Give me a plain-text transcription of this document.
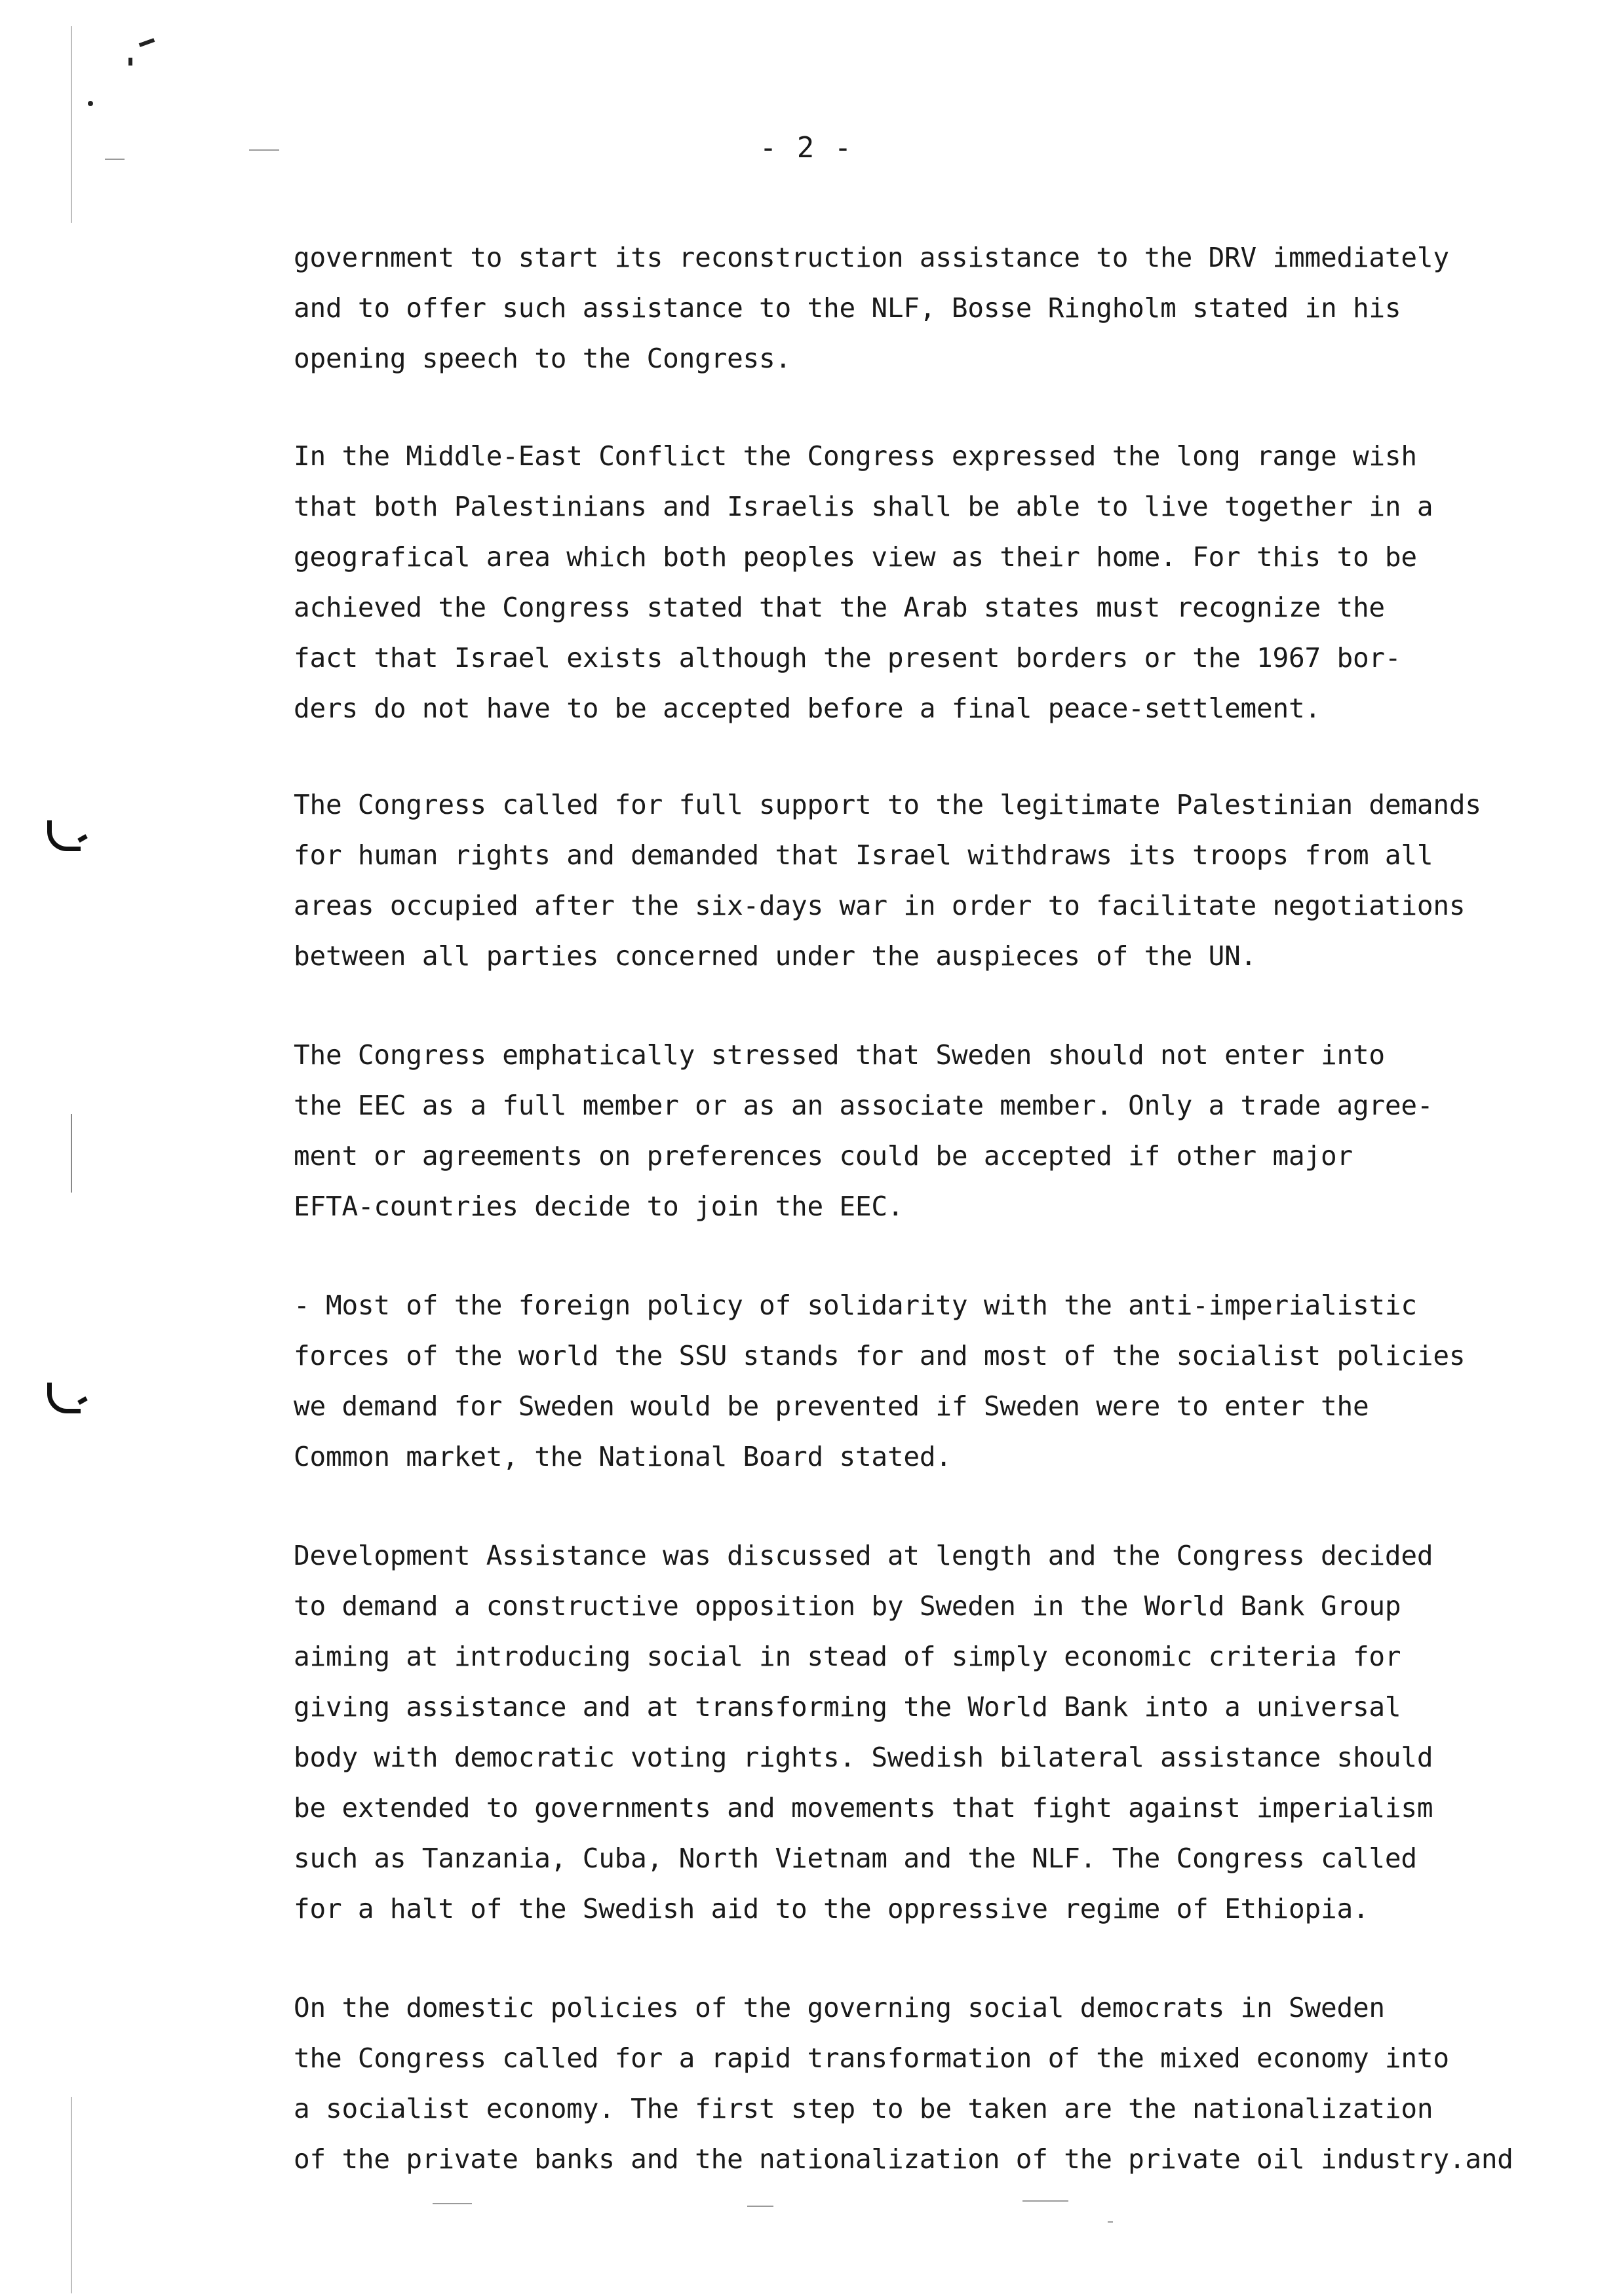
- 2 -
government to start its reconstruction assistance to the DRV immediately
and to offer such assistance to the NLF, Bosse Ringholm stated in his
opening speech to the Congress.
In the Middle-East Conflict the Congress expressed the long range wish
that both Palestinians and Israelis shall be able to live together in a
geografical area which both peoples view as their home. For this to be
achieved the Congress stated that the Arab states must recognize the
fact that Israel exists although the present borders or the 1967 bor-
ders do not have to be accepted before a final peace-settlement.
The Congress called for full support to the legitimate Palestinian demands
for human rights and demanded that Israel withdraws its troops from all
areas occupied after the six-days war in order to facilitate negotiations
between all parties concerned under the auspieces of the UN.
The Congress emphatically stressed that Sweden should not enter into
the EEC as a full member or as an associate member. Only a trade agree-
ment or agreements on preferences could be accepted if other major
EFTA-countries decide to join the EEC.
- Most of the foreign policy of solidarity with the anti-imperialistic
forces of the world the SSU stands for and most of the socialist policies
we demand for Sweden would be prevented if Sweden were to enter the
Common market, the National Board stated.
Development Assistance was discussed at length and the Congress decided
to demand a constructive opposition by Sweden in the World Bank Group
aiming at introducing social in stead of simply economic criteria for
giving assistance and at transforming the World Bank into a universal
body with democratic voting rights. Swedish bilateral assistance should
be extended to governments and movements that fight against imperialism
such as Tanzania, Cuba, North Vietnam and the NLF. The Congress called
for a halt of the Swedish aid to the oppressive regime of Ethiopia.
On the domestic policies of the governing social democrats in Sweden
the Congress called for a rapid transformation of the mixed economy into
a socialist economy. The first step to be taken are the nationalization
of the private banks and the nationalization of the private oil industry.and
